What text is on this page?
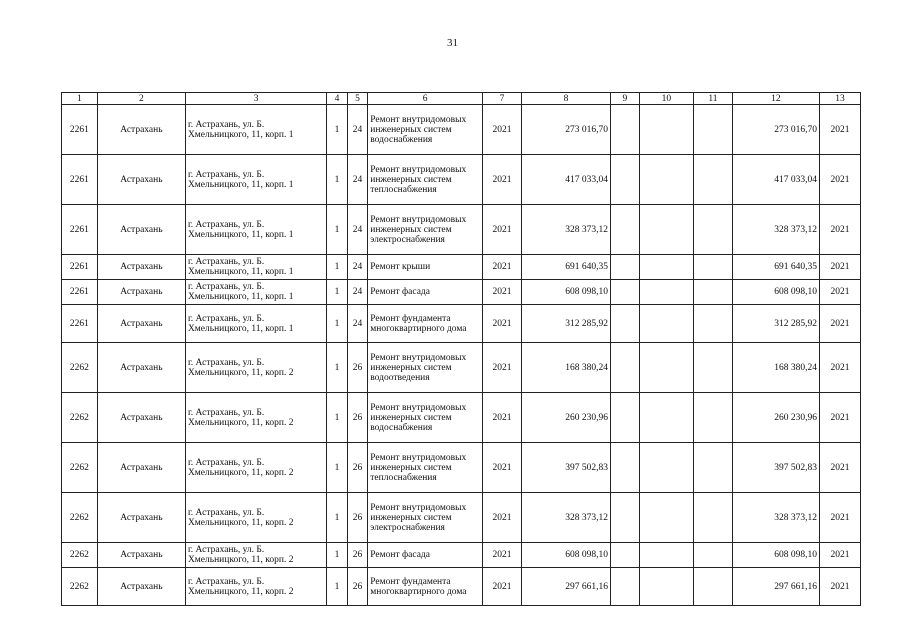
31
1	2	3	4	5	6	7	8	9	10	11	12	13
2261	Астрахань	г. Астрахань, ул. Б. Хмельницкого, 11, корп. 1	1	24	Ремонт внутридомовых инженерных систем водоснабжения	2021	273 016,70				273 016,70	2021
2261	Астрахань	г. Астрахань, ул. Б. Хмельницкого, 11, корп. 1	1	24	Ремонт внутридомовых инженерных систем теплоснабжения	2021	417 033,04				417 033,04	2021
2261	Астрахань	г. Астрахань, ул. Б. Хмельницкого, 11, корп. 1	1	24	Ремонт внутридомовых инженерных систем электроснабжения	2021	328 373,12				328 373,12	2021
2261	Астрахань	г. Астрахань, ул. Б. Хмельницкого, 11, корп. 1	1	24	Ремонт крыши	2021	691 640,35				691 640,35	2021
2261	Астрахань	г. Астрахань, ул. Б. Хмельницкого, 11, корп. 1	1	24	Ремонт фасада	2021	608 098,10				608 098,10	2021
2261	Астрахань	г. Астрахань, ул. Б. Хмельницкого, 11, корп. 1	1	24	Ремонт фундамента многоквартирного дома	2021	312 285,92				312 285,92	2021
2262	Астрахань	г. Астрахань, ул. Б. Хмельницкого, 11, корп. 2	1	26	Ремонт внутридомовых инженерных систем водоотведения	2021	168 380,24				168 380,24	2021
2262	Астрахань	г. Астрахань, ул. Б. Хмельницкого, 11, корп. 2	1	26	Ремонт внутридомовых инженерных систем водоснабжения	2021	260 230,96				260 230,96	2021
2262	Астрахань	г. Астрахань, ул. Б. Хмельницкого, 11, корп. 2	1	26	Ремонт внутридомовых инженерных систем теплоснабжения	2021	397 502,83				397 502,83	2021
2262	Астрахань	г. Астрахань, ул. Б. Хмельницкого, 11, корп. 2	1	26	Ремонт внутридомовых инженерных систем электроснабжения	2021	328 373,12				328 373,12	2021
2262	Астрахань	г. Астрахань, ул. Б. Хмельницкого, 11, корп. 2	1	26	Ремонт фасада	2021	608 098,10				608 098,10	2021
2262	Астрахань	г. Астрахань, ул. Б. Хмельницкого, 11, корп. 2	1	26	Ремонт фундамента многоквартирного дома	2021	297 661,16				297 661,16	2021
